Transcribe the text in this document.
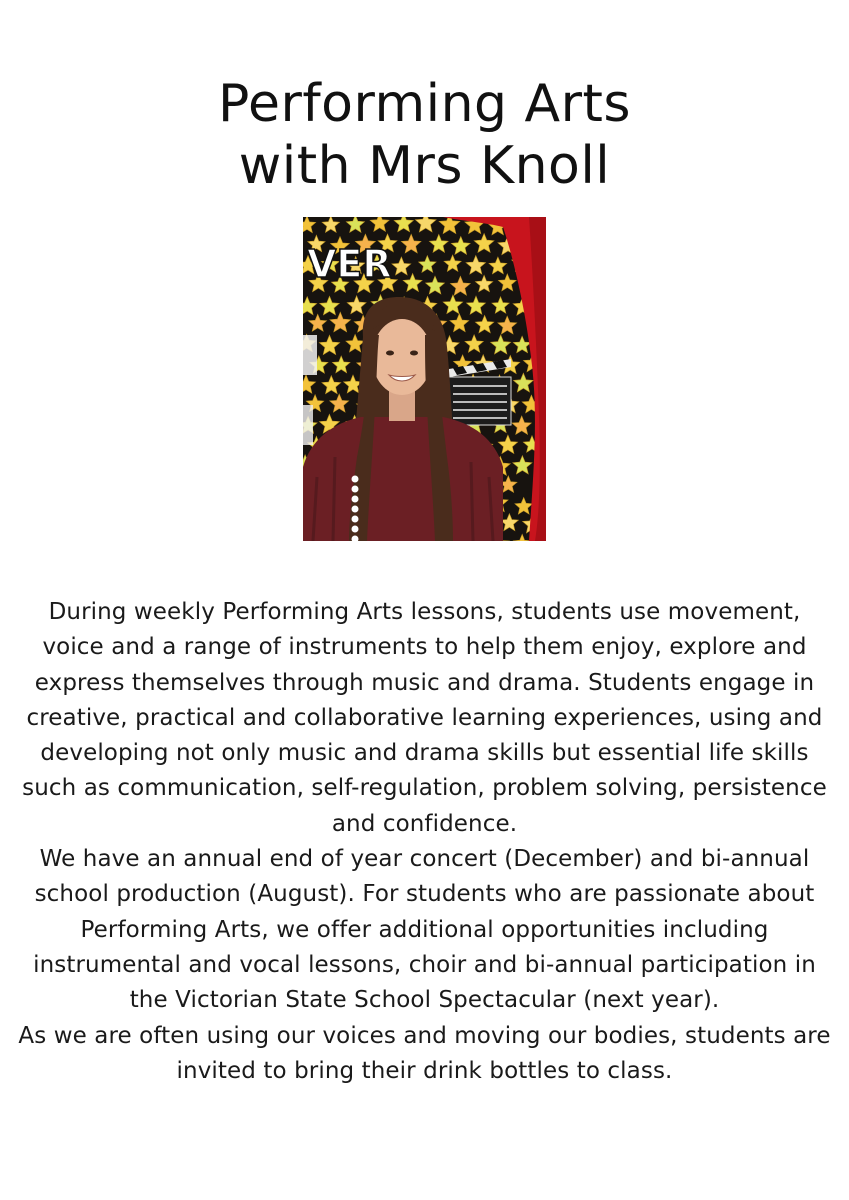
Performing Arts
with Mrs Knoll
VER

During weekly Performing Arts lessons, students use movement, voice and a range of instruments to help them enjoy, explore and express themselves through music and drama. Students engage in creative, practical and collaborative learning experiences, using and developing not only music and drama skills but essential life skills such as communication, self-regulation, problem solving, persistence and confidence.

We have an annual end of year concert (December) and bi-annual school production (August). For students who are passionate about Performing Arts, we offer additional opportunities including instrumental and vocal lessons, choir and bi-annual participation in the Victorian State School Spectacular (next year).

As we are often using our voices and moving our bodies, students are invited to bring their drink bottles to class.
